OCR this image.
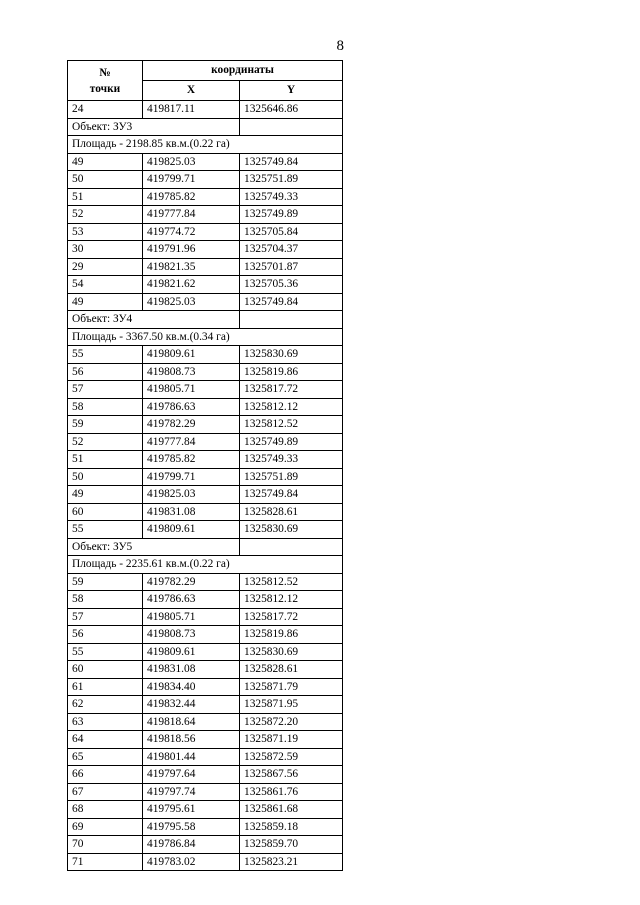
8
№
точки	координаты	
	X	Y
24	419817.11	1325646.86
Объект: ЗУ3		
Площадь - 2198.85 кв.м.(0.22 га)		
49	419825.03	1325749.84
50	419799.71	1325751.89
51	419785.82	1325749.33
52	419777.84	1325749.89
53	419774.72	1325705.84
30	419791.96	1325704.37
29	419821.35	1325701.87
54	419821.62	1325705.36
49	419825.03	1325749.84
Объект: ЗУ4		
Площадь - 3367.50 кв.м.(0.34 га)		
55	419809.61	1325830.69
56	419808.73	1325819.86
57	419805.71	1325817.72
58	419786.63	1325812.12
59	419782.29	1325812.52
52	419777.84	1325749.89
51	419785.82	1325749.33
50	419799.71	1325751.89
49	419825.03	1325749.84
60	419831.08	1325828.61
55	419809.61	1325830.69
Объект: ЗУ5		
Площадь - 2235.61 кв.м.(0.22 га)		
59	419782.29	1325812.52
58	419786.63	1325812.12
57	419805.71	1325817.72
56	419808.73	1325819.86
55	419809.61	1325830.69
60	419831.08	1325828.61
61	419834.40	1325871.79
62	419832.44	1325871.95
63	419818.64	1325872.20
64	419818.56	1325871.19
65	419801.44	1325872.59
66	419797.64	1325867.56
67	419797.74	1325861.76
68	419795.61	1325861.68
69	419795.58	1325859.18
70	419786.84	1325859.70
71	419783.02	1325823.21
